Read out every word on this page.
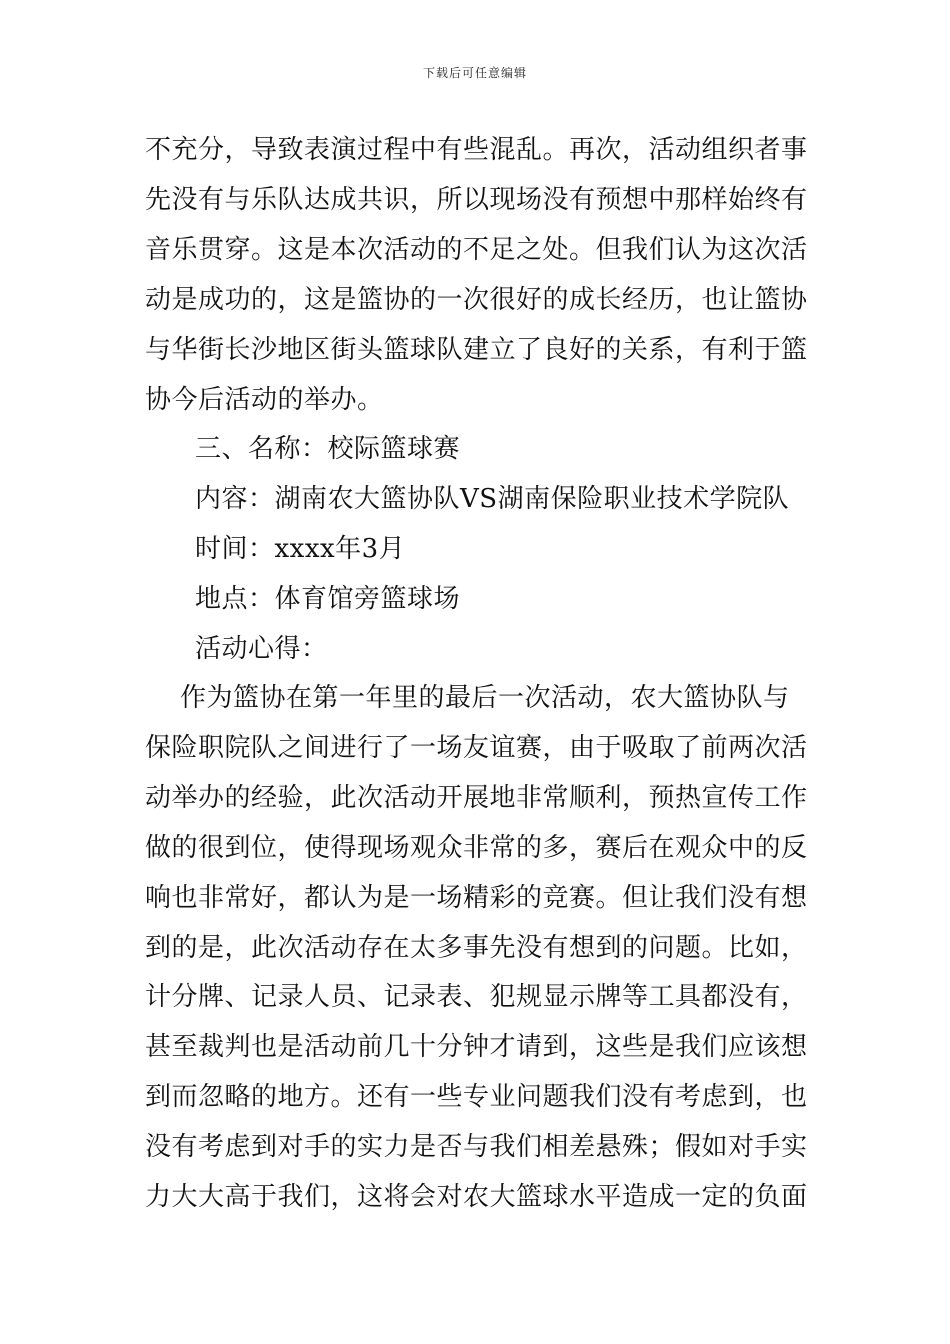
下载后可任意编辑
不充分，导致表演过程中有些混乱。再次，活动组织者事
先没有与乐队达成共识，所以现场没有预想中那样始终有
音乐贯穿。这是本次活动的不足之处。但我们认为这次活
动是成功的，这是篮协的一次很好的成长经历，也让篮协
与华街长沙地区街头篮球队建立了良好的关系，有利于篮
协今后活动的举办。
三、名称：校际篮球赛
内容：湖南农大篮协队VS湖南保险职业技术学院队
时间：xxxx年3月
地点：体育馆旁篮球场
活动心得：
作为篮协在第一年里的最后一次活动，农大篮协队与
保险职院队之间进行了一场友谊赛，由于吸取了前两次活
动举办的经验，此次活动开展地非常顺利，预热宣传工作
做的很到位，使得现场观众非常的多，赛后在观众中的反
响也非常好，都认为是一场精彩的竞赛。但让我们没有想
到的是，此次活动存在太多事先没有想到的问题。比如，
计分牌、记录人员、记录表、犯规显示牌等工具都没有，
甚至裁判也是活动前几十分钟才请到，这些是我们应该想
到而忽略的地方。还有一些专业问题我们没有考虑到，也
没有考虑到对手的实力是否与我们相差悬殊；假如对手实
力大大高于我们，这将会对农大篮球水平造成一定的负面
